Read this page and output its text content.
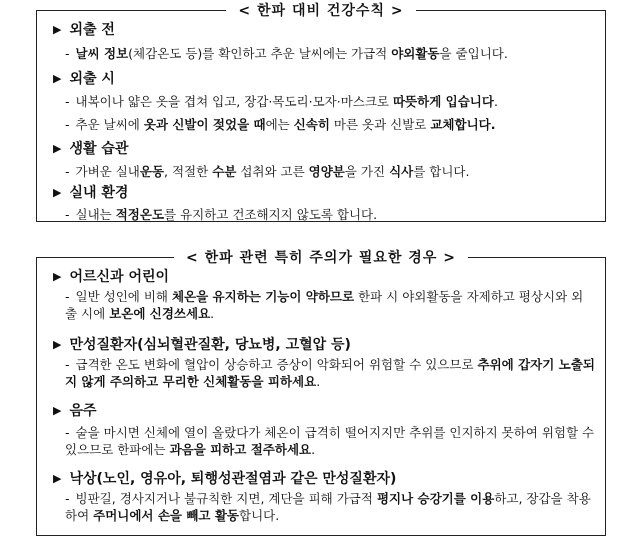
< 한파 대비 건강수칙 >
▶ 외출 전
- 날씨 정보(체감온도 등)를 확인하고 추운 날씨에는 가급적 야외활동을 줄입니다.
▶ 외출 시
- 내복이나 얇은 옷을 겹쳐 입고, 장갑·목도리·모자·마스크로 따뜻하게 입습니다.
- 추운 날씨에 옷과 신발이 젖었을 때에는 신속히 마른 옷과 신발로 교체합니다.
▶ 생활 습관
- 가벼운 실내운동, 적절한 수분 섭취와 고른 영양분을 가진 식사를 합니다.
▶ 실내 환경
- 실내는 적정온도를 유지하고 건조해지지 않도록 합니다.
< 한파 관련 특히 주의가 필요한 경우 >
▶ 어르신과 어린이
- 일반 성인에 비해 체온을 유지하는 기능이 약하므로 한파 시 야외활동을 자제하고 평상시와 외출 시에 보온에 신경쓰세요.
▶ 만성질환자(심뇌혈관질환, 당뇨병, 고혈압 등)
- 급격한 온도 변화에 혈압이 상승하고 증상이 악화되어 위험할 수 있으므로 추위에 갑자기 노출되지 않게 주의하고 무리한 신체활동을 피하세요.
▶ 음주
- 술을 마시면 신체에 열이 올랐다가 체온이 급격히 떨어지지만 추위를 인지하지 못하여 위험할 수 있으므로 한파에는 과음을 피하고 절주하세요.
▶ 낙상(노인, 영유아, 퇴행성관절염과 같은 만성질환자)
- 빙판길, 경사지거나 불규칙한 지면, 계단을 피해 가급적 평지나 승강기를 이용하고, 장갑을 착용하여 주머니에서 손을 빼고 활동합니다.
